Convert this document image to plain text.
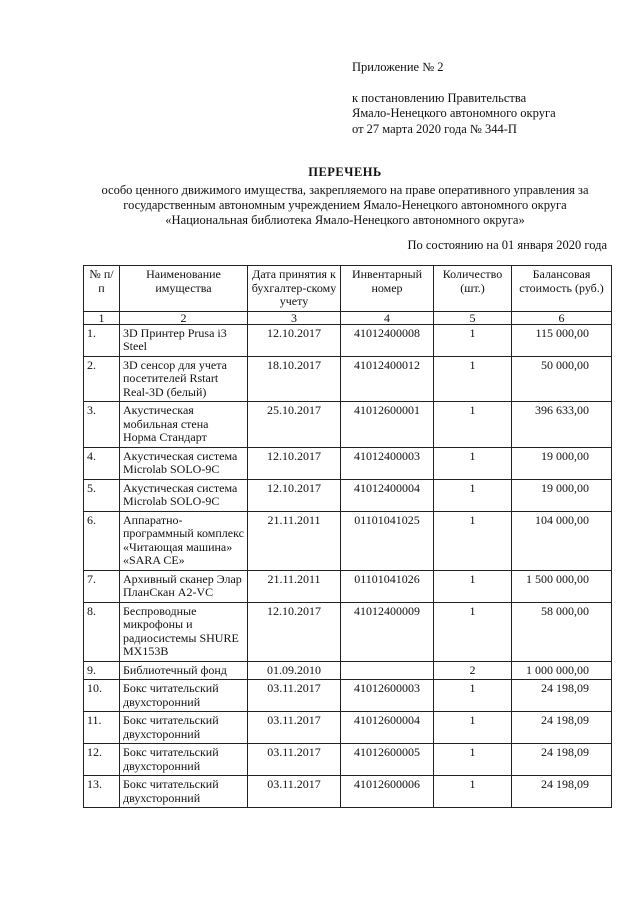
Приложение № 2
к постановлению Правительства
Ямало-Ненецкого автономного округа
от 27 марта 2020 года № 344-П
ПЕРЕЧЕНЬ
особо ценного движимого имущества, закрепляемого на праве оперативного управления за
государственным автономным учреждением Ямало-Ненецкого автономного округа
«Национальная библиотека Ямало-Ненецкого автономного округа»
По состоянию на 01 января 2020 года
№ п/п	Наименование имущества	Дата принятия к бухгалтер-скому учету	Инвентарный номер	Количество (шт.)	Балансовая стоимость (руб.)
1	2	3	4	5	6
1.	3D Принтер Prusa i3 Steel	12.10.2017	41012400008	1	115 000,00
2.	3D сенсор для учета посетителей Rstart Real-3D (белый)	18.10.2017	41012400012	1	50 000,00
3.	Акустическая мобильная стена Норма Стандарт	25.10.2017	41012600001	1	396 633,00
4.	Акустическая система Microlab SOLO-9C	12.10.2017	41012400003	1	19 000,00
5.	Акустическая система Microlab SOLO-9C	12.10.2017	41012400004	1	19 000,00
6.	Аппаратно-программный комплекс «Читающая машина» «SARA CE»	21.11.2011	01101041025	1	104 000,00
7.	Архивный сканер Элар ПланСкан А2-VC	21.11.2011	01101041026	1	1 500 000,00
8.	Беспроводные микрофоны и радиосистемы SHURE MX153B	12.10.2017	41012400009	1	58 000,00
9.	Библиотечный фонд	01.09.2010		2	1 000 000,00
10.	Бокс читательский двухсторонний	03.11.2017	41012600003	1	24 198,09
11.	Бокс читательский двухсторонний	03.11.2017	41012600004	1	24 198,09
12.	Бокс читательский двухсторонний	03.11.2017	41012600005	1	24 198,09
13.	Бокс читательский двухсторонний	03.11.2017	41012600006	1	24 198,09
